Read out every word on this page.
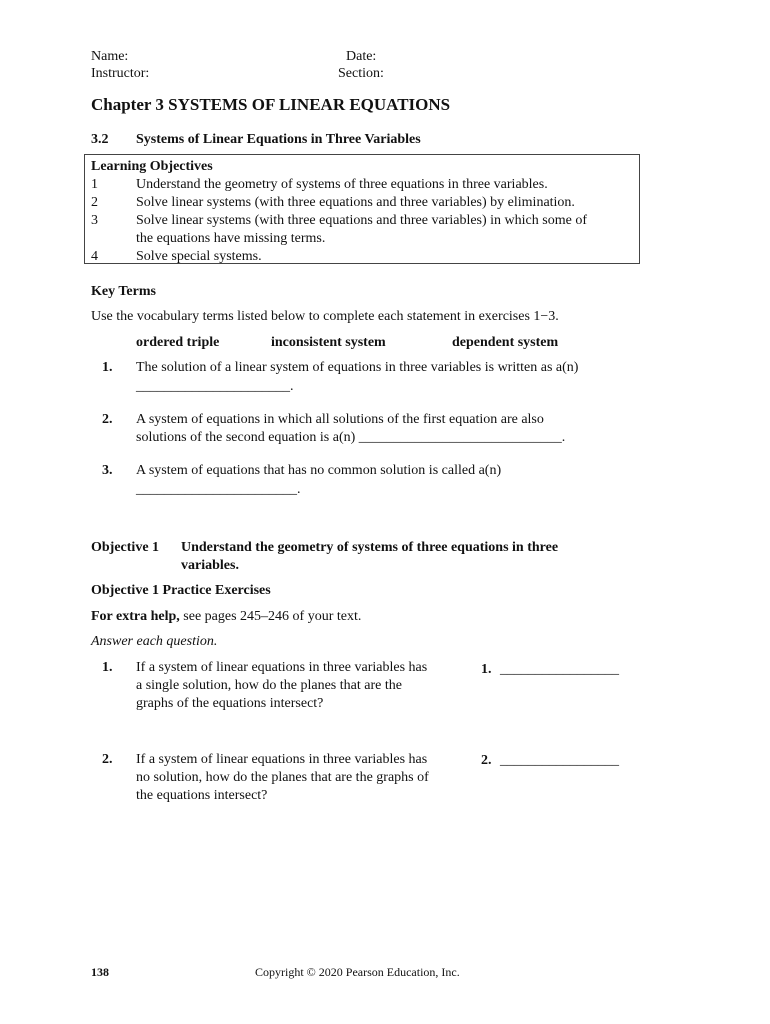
Name:	Date:
Instructor:	Section:
Chapter 3 SYSTEMS OF LINEAR EQUATIONS
3.2 Systems of Linear Equations in Three Variables
Learning Objectives
1	Understand the geometry of systems of three equations in three variables.
2	Solve linear systems (with three equations and three variables) by elimination.
3	Solve linear systems (with three equations and three variables) in which some of
the equations have missing terms.
4	Solve special systems.
Key Terms
Use the vocabulary terms listed below to complete each statement in exercises 1−3.
ordered triple	inconsistent system	dependent system
1. The solution of a linear system of equations in three variables is written as a(n)
______________________.
2. A system of equations in which all solutions of the first equation are also
solutions of the second equation is a(n) _____________________________.
3. A system of equations that has no common solution is called a(n)
_______________________.
Objective 1 Understand the geometry of systems of three equations in three
variables.
Objective 1 Practice Exercises
For extra help, see pages 245–246 of your text.
Answer each question.
1. If a system of linear equations in three variables has
a single solution, how do the planes that are the
graphs of the equations intersect?
1. _________________
2. If a system of linear equations in three variables has
no solution, how do the planes that are the graphs of
the equations intersect?
2. _________________
138	Copyright © 2020 Pearson Education, Inc.
